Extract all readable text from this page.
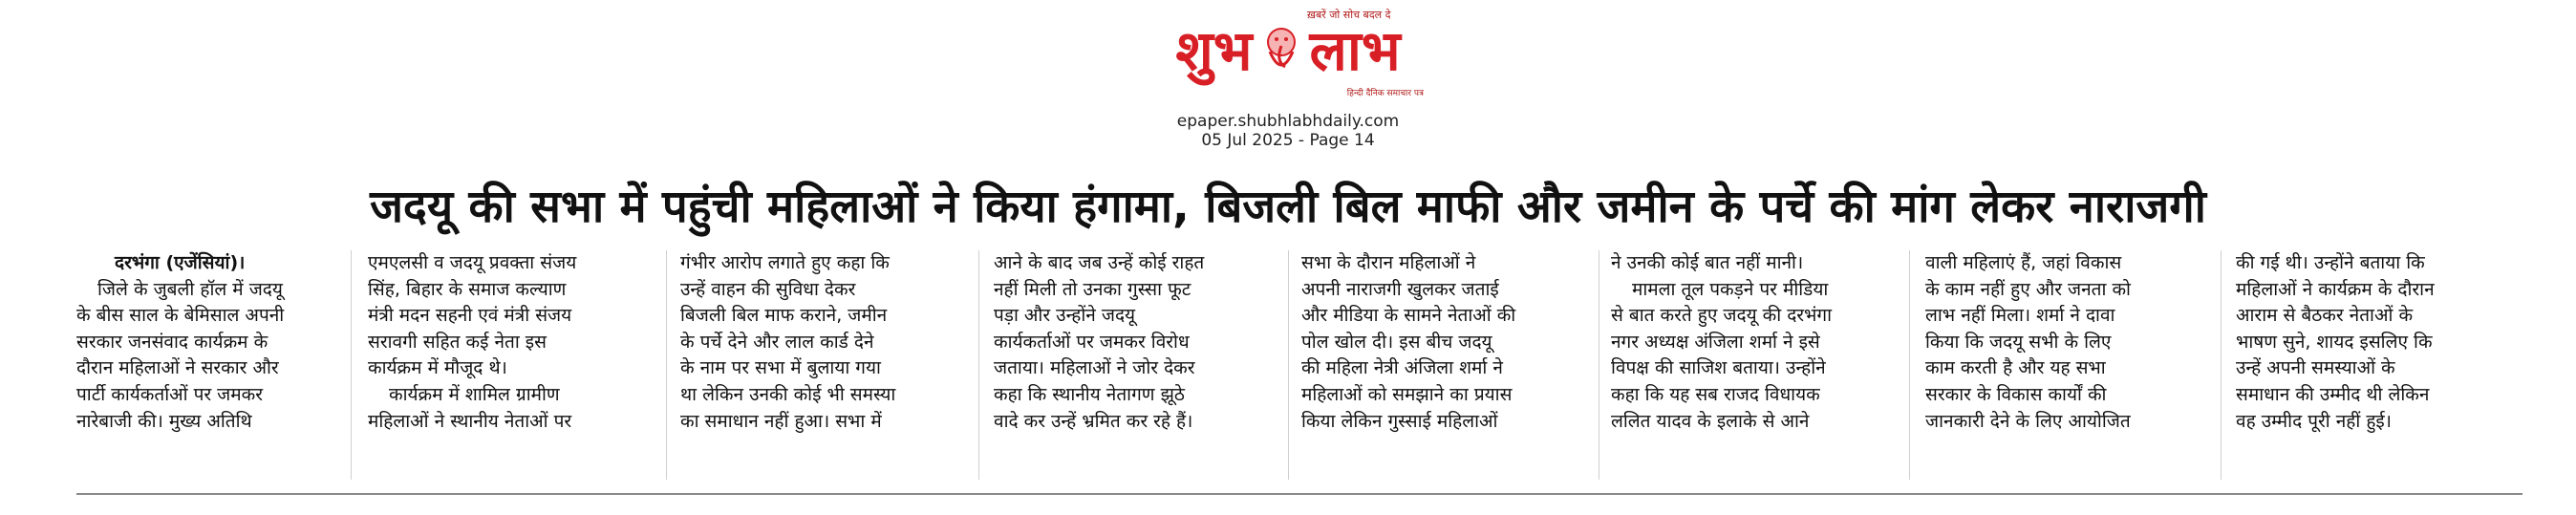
ख़बरें जो सोच बदल दे
शुभ लाभ
हिन्दी दैनिक समाचार पत्र
epaper.shubhlabhdaily.com
05 Jul 2025 - Page 14
जदयू की सभा में पहुंची महिलाओं ने किया हंगामा, बिजली बिल माफी और जमीन के पर्चे की मांग लेकर नाराजगी
दरभंगा (एजेंसियां)।
जिले के जुबली हॉल में जदयू
के बीस साल के बेमिसाल अपनी
सरकार जनसंवाद कार्यक्रम के
दौरान महिलाओं ने सरकार और
पार्टी कार्यकर्ताओं पर जमकर
नारेबाजी की। मुख्य अतिथि
एमएलसी व जदयू प्रवक्ता संजय
सिंह, बिहार के समाज कल्याण
मंत्री मदन सहनी एवं मंत्री संजय
सरावगी सहित कई नेता इस
कार्यक्रम में मौजूद थे।
कार्यक्रम में शामिल ग्रामीण
महिलाओं ने स्थानीय नेताओं पर
गंभीर आरोप लगाते हुए कहा कि
उन्हें वाहन की सुविधा देकर
बिजली बिल माफ कराने, जमीन
के पर्चे देने और लाल कार्ड देने
के नाम पर सभा में बुलाया गया
था लेकिन उनकी कोई भी समस्या
का समाधान नहीं हुआ। सभा में
आने के बाद जब उन्हें कोई राहत
नहीं मिली तो उनका गुस्सा फूट
पड़ा और उन्होंने जदयू
कार्यकर्ताओं पर जमकर विरोध
जताया। महिलाओं ने जोर देकर
कहा कि स्थानीय नेतागण झूठे
वादे कर उन्हें भ्रमित कर रहे हैं।
सभा के दौरान महिलाओं ने
अपनी नाराजगी खुलकर जताई
और मीडिया के सामने नेताओं की
पोल खोल दी। इस बीच जदयू
की महिला नेत्री अंजिला शर्मा ने
महिलाओं को समझाने का प्रयास
किया लेकिन गुस्साई महिलाओं
ने उनकी कोई बात नहीं मानी।
मामला तूल पकड़ने पर मीडिया
से बात करते हुए जदयू की दरभंगा
नगर अध्यक्ष अंजिला शर्मा ने इसे
विपक्ष की साजिश बताया। उन्होंने
कहा कि यह सब राजद विधायक
ललित यादव के इलाके से आने
वाली महिलाएं हैं, जहां विकास
के काम नहीं हुए और जनता को
लाभ नहीं मिला। शर्मा ने दावा
किया कि जदयू सभी के लिए
काम करती है और यह सभा
सरकार के विकास कार्यों की
जानकारी देने के लिए आयोजित
की गई थी। उन्होंने बताया कि
महिलाओं ने कार्यक्रम के दौरान
आराम से बैठकर नेताओं के
भाषण सुने, शायद इसलिए कि
उन्हें अपनी समस्याओं के
समाधान की उम्मीद थी लेकिन
वह उम्मीद पूरी नहीं हुई।
